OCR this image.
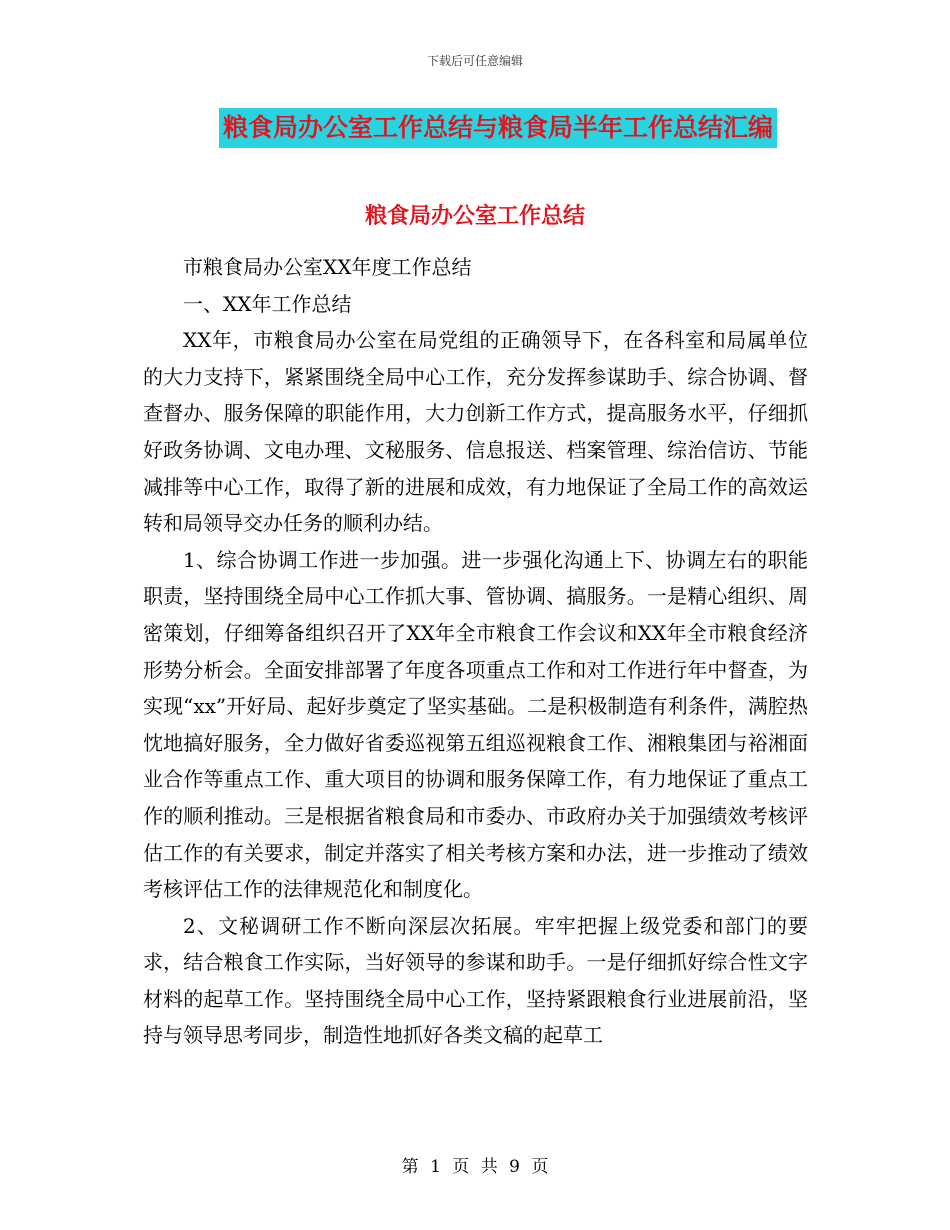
下载后可任意编辑
粮食局办公室工作总结与粮食局半年工作总结汇编
粮食局办公室工作总结

市粮食局办公室XX年度工作总结

一、XX年工作总结

XX年，市粮食局办公室在局党组的正确领导下，在各科室和局属单位的大力支持下，紧紧围绕全局中心工作，充分发挥参谋助手、综合协调、督查督办、服务保障的职能作用，大力创新工作方式，提高服务水平，仔细抓好政务协调、文电办理、文秘服务、信息报送、档案管理、综治信访、节能减排等中心工作，取得了新的进展和成效，有力地保证了全局工作的高效运转和局领导交办任务的顺利办结。

1、综合协调工作进一步加强。进一步强化沟通上下、协调左右的职能职责，坚持围绕全局中心工作抓大事、管协调、搞服务。一是精心组织、周密策划，仔细筹备组织召开了XX年全市粮食工作会议和XX年全市粮食经济形势分析会。全面安排部署了年度各项重点工作和对工作进行年中督查，为实现“xx”开好局、起好步奠定了坚实基础。二是积极制造有利条件，满腔热忱地搞好服务，全力做好省委巡视第五组巡视粮食工作、湘粮集团与裕湘面业合作等重点工作、重大项目的协调和服务保障工作，有力地保证了重点工作的顺利推动。三是根据省粮食局和市委办、市政府办关于加强绩效考核评估工作的有关要求，制定并落实了相关考核方案和办法，进一步推动了绩效考核评估工作的法律规范化和制度化。

2、文秘调研工作不断向深层次拓展。牢牢把握上级党委和部门的要求，结合粮食工作实际，当好领导的参谋和助手。一是仔细抓好综合性文字材料的起草工作。坚持围绕全局中心工作，坚持紧跟粮食行业进展前沿，坚持与领导思考同步，制造性地抓好各类文稿的起草工

第 1 页 共 9 页
